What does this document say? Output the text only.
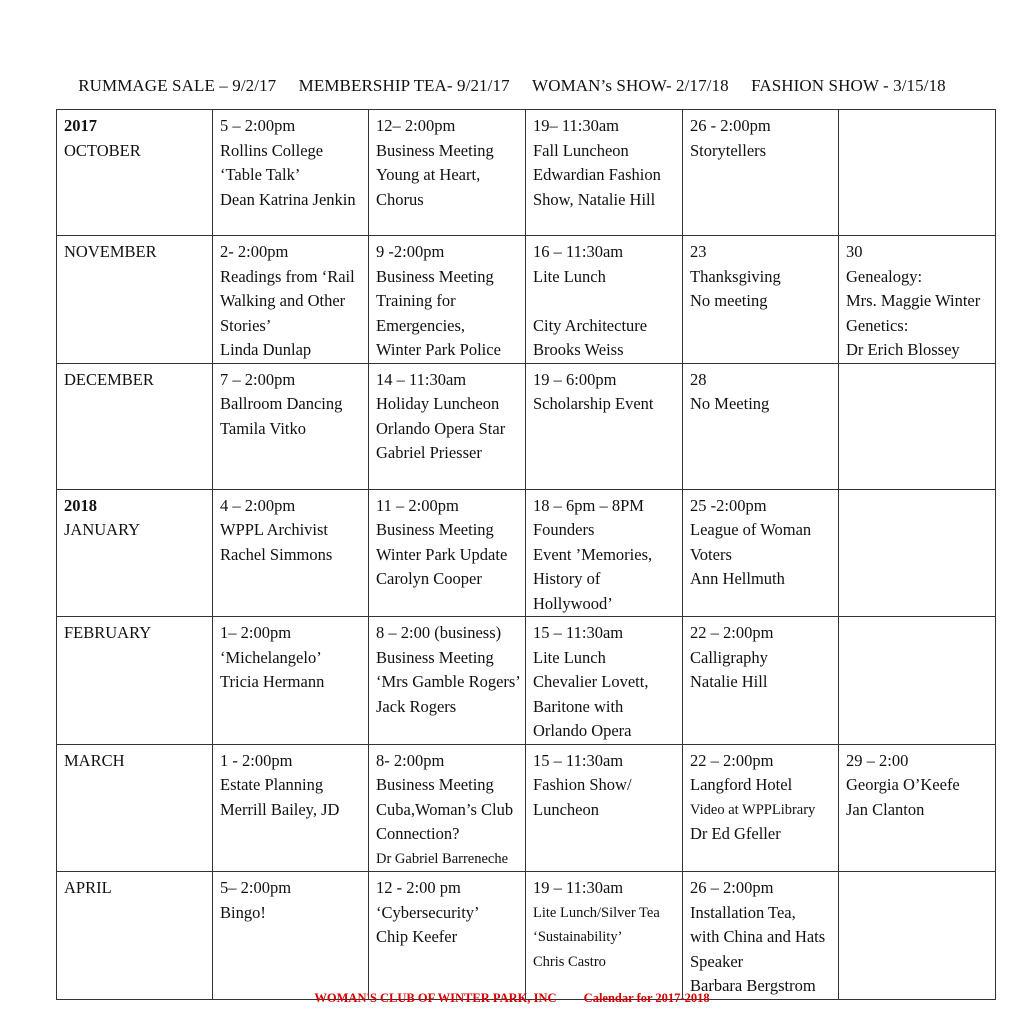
RUMMAGE SALE – 9/2/17 MEMBERSHIP TEA- 9/21/17 WOMAN’s SHOW- 2/17/18 FASHION SHOW - 3/15/18
2017
OCTOBER	5 – 2:00pm
Rollins College
‘Table Talk’
Dean Katrina Jenkin	12– 2:00pm
Business Meeting
Young at Heart,
Chorus	19– 11:30am
Fall Luncheon
Edwardian Fashion
Show, Natalie Hill	26 - 2:00pm
Storytellers	

NOVEMBER	2- 2:00pm
Readings from ‘Rail
Walking and Other
Stories’
Linda Dunlap	9 -2:00pm
Business Meeting
Training for
Emergencies,
Winter Park Police	16 – 11:30am
Lite Lunch
City Architecture
Brooks Weiss	23
Thanksgiving
No meeting	30
Genealogy:
Mrs. Maggie Winter
Genetics:
Dr Erich Blossey

DECEMBER	7 – 2:00pm
Ballroom Dancing
Tamila Vitko	14 – 11:30am
Holiday Luncheon
Orlando Opera Star
Gabriel Priesser	19 – 6:00pm
Scholarship Event	28
No Meeting	

2018
JANUARY	4 – 2:00pm
WPPL Archivist
Rachel Simmons	11 – 2:00pm
Business Meeting
Winter Park Update
Carolyn Cooper	18 – 6pm – 8PM
Founders
Event ’Memories,
History of
Hollywood’	25 -2:00pm
League of Woman
Voters
Ann Hellmuth	

FEBRUARY	1– 2:00pm
‘Michelangelo’
Tricia Hermann	8 – 2:00 (business)
Business Meeting
‘Mrs Gamble Rogers’
Jack Rogers	15 – 11:30am
Lite Lunch
Chevalier Lovett,
Baritone with
Orlando Opera	22 – 2:00pm
Calligraphy
Natalie Hill	

MARCH	1 - 2:00pm
Estate Planning
Merrill Bailey, JD	8- 2:00pm
Business Meeting
Cuba,Woman’s Club
Connection?
Dr Gabriel Barreneche	15 – 11:30am
Fashion Show/
Luncheon	22 – 2:00pm
Langford Hotel
Video at WPPLibrary
Dr Ed Gfeller	29 – 2:00
Georgia O’Keefe
Jan Clanton

APRIL	5– 2:00pm
Bingo!	12 - 2:00 pm
‘Cybersecurity’
Chip Keefer	19 – 11:30am
Lite Lunch/Silver Tea
‘Sustainability’
Chris Castro	26 – 2:00pm
Installation Tea,
with China and Hats
Speaker
Barbara Bergstrom	

WOMAN'S CLUB OF WINTER PARK, INC Calendar for 2017-2018
